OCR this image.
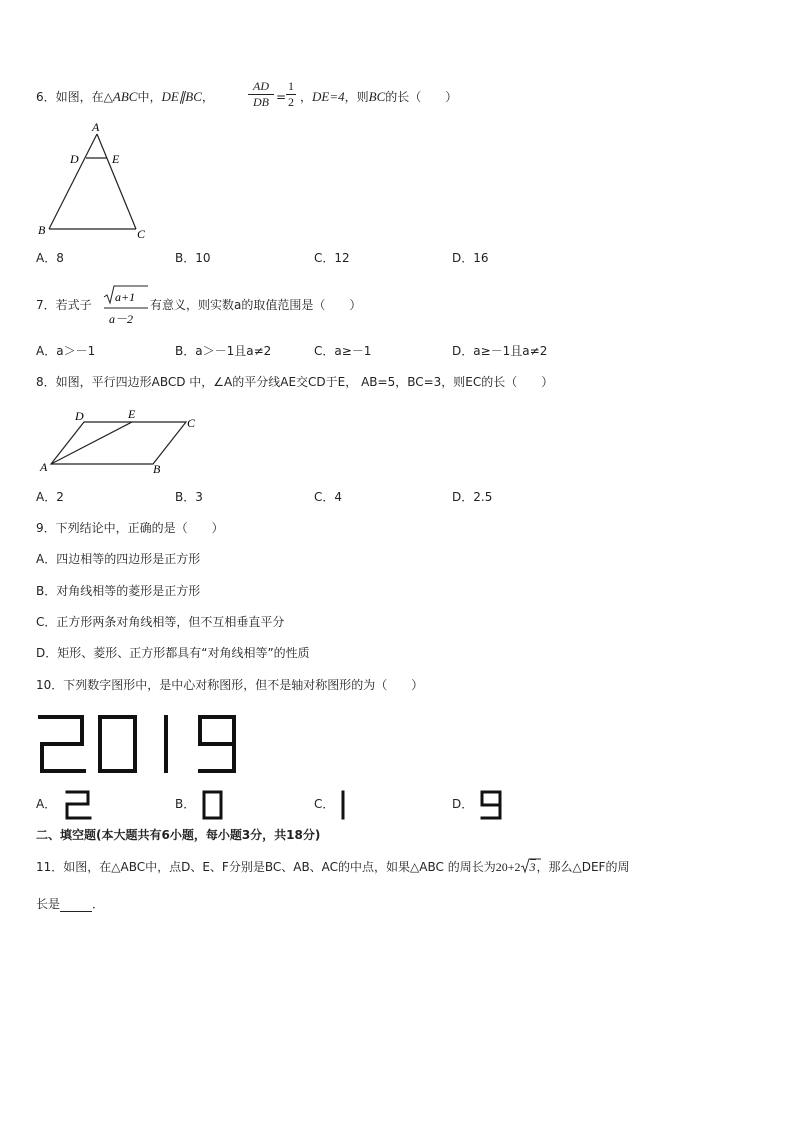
6．如图，在△ABC中，DE∥BC，	$\frac{AD}{DB} = \frac{1}{2}$ ，DE=4，则BC的长（　　）
A
D	E
B	C
A．8	B．10	C．12	D．16
7．若式子
a+1
a－2
有意义，则实数a的取值范围是（　　）
A．a＞－1	B．a＞－1且a≠2	C．a≥－1	D．a≥－1且a≠2
8．如图，平行四边形ABCD 中，∠A的平分线AE交CD于E， AB=5，BC=3，则EC的长（　　）
D	E
C
A	B
A．2	B．3	C．4	D．2.5
9．下列结论中，正确的是（　　）
A．四边相等的四边形是正方形
B．对角线相等的菱形是正方形
C．正方形两条对角线相等，但不互相垂直平分
D．矩形、菱形、正方形都具有“对角线相等”的性质
10．下列数字图形中，是中心对称图形，但不是轴对称图形的为（　　）
A．	B．	C．	D．
二、填空题(本大题共有6小题，每小题3分，共18分)
11．如图，在△ABC中，点D、E、F分别是BC、AB、AC的中点，如果△ABC 的周长为20+2 3，那么△DEF的周
长是	．
